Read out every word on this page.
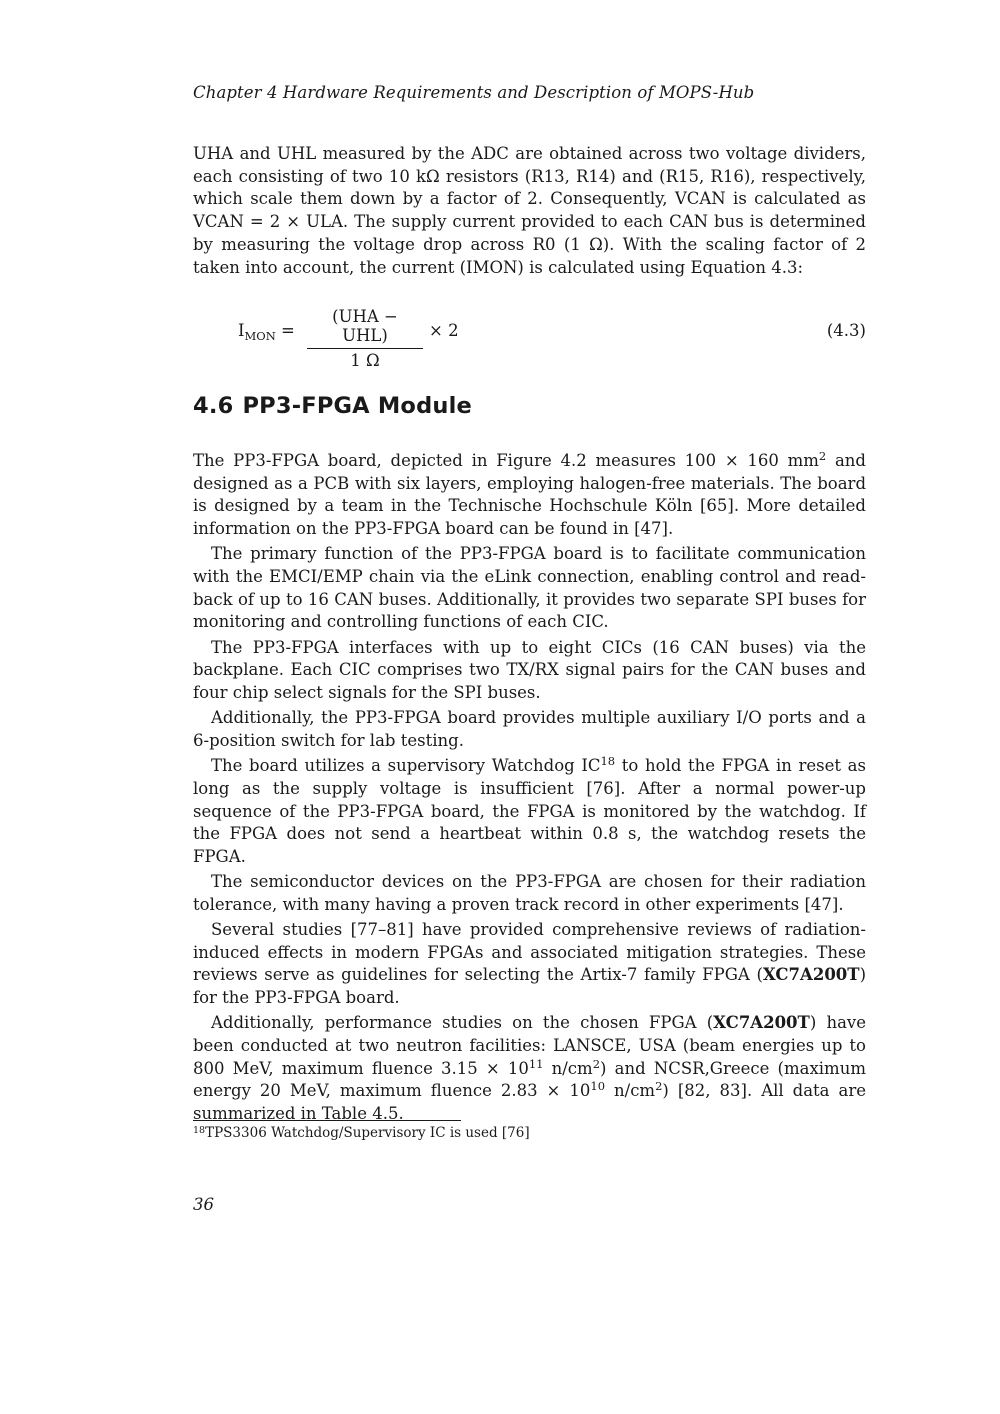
Chapter 4 Hardware Requirements and Description of MOPS-Hub

UHA and UHL measured by the ADC are obtained across two voltage dividers, each consisting of two 10 kΩ resistors (R13, R14) and (R15, R16), respectively, which scale them down by a factor of 2. Consequently, VCAN is calculated as VCAN = 2 × ULA. The supply current provided to each CAN bus is determined by measuring the voltage drop across R0 (1 Ω). With the scaling factor of 2 taken into account, the current (IMON) is calculated using Equation 4.3:

$I_{MON}$ =
(UHA − UHL)
1 Ω
× 2	(4.3)
4.6 PP3-FPGA Module

The PP3-FPGA board, depicted in Figure 4.2 measures 100 × 160 $mm^2$ and designed as a PCB with six layers, employing halogen-free materials. The board is designed by a team in the Technische Hochschule Köln [65]. More detailed information on the PP3-FPGA board can be found in [47].

The primary function of the PP3-FPGA board is to facilitate communication with the EMCI/EMP chain via the eLink connection, enabling control and read-back of up to 16 CAN buses. Additionally, it provides two separate SPI buses for monitoring and controlling functions of each CIC.

The PP3-FPGA interfaces with up to eight CICs (16 CAN buses) via the backplane. Each CIC comprises two TX/RX signal pairs for the CAN buses and four chip select signals for the SPI buses.

Additionally, the PP3-FPGA board provides multiple auxiliary I/O ports and a 6-position switch for lab testing.

The board utilizes a supervisory Watchdog IC$^{18}$ to hold the FPGA in reset as long as the supply voltage is insufficient [76]. After a normal power-up sequence of the PP3-FPGA board, the FPGA is monitored by the watchdog. If the FPGA does not send a heartbeat within 0.8 s, the watchdog resets the FPGA.

The semiconductor devices on the PP3-FPGA are chosen for their radiation tolerance, with many having a proven track record in other experiments [47].

Several studies [77–81] have provided comprehensive reviews of radiation-induced effects in modern FPGAs and associated mitigation strategies. These reviews serve as guidelines for selecting the Artix-7 family FPGA (XC7A200T) for the PP3-FPGA board.

Additionally, performance studies on the chosen FPGA (XC7A200T) have been conducted at two neutron facilities: LANSCE, USA (beam energies up to 800 MeV, maximum fluence $3.15 \times 10^{11}$ $n/cm^2$) and NCSR,Greece (maximum energy 20 MeV, maximum fluence $2.83 \times 10^{10}$ $n/cm^2$) [82, 83]. All data are summarized in Table 4.5.

$^{18}$TPS3306 Watchdog/Supervisory IC is used [76]
36
